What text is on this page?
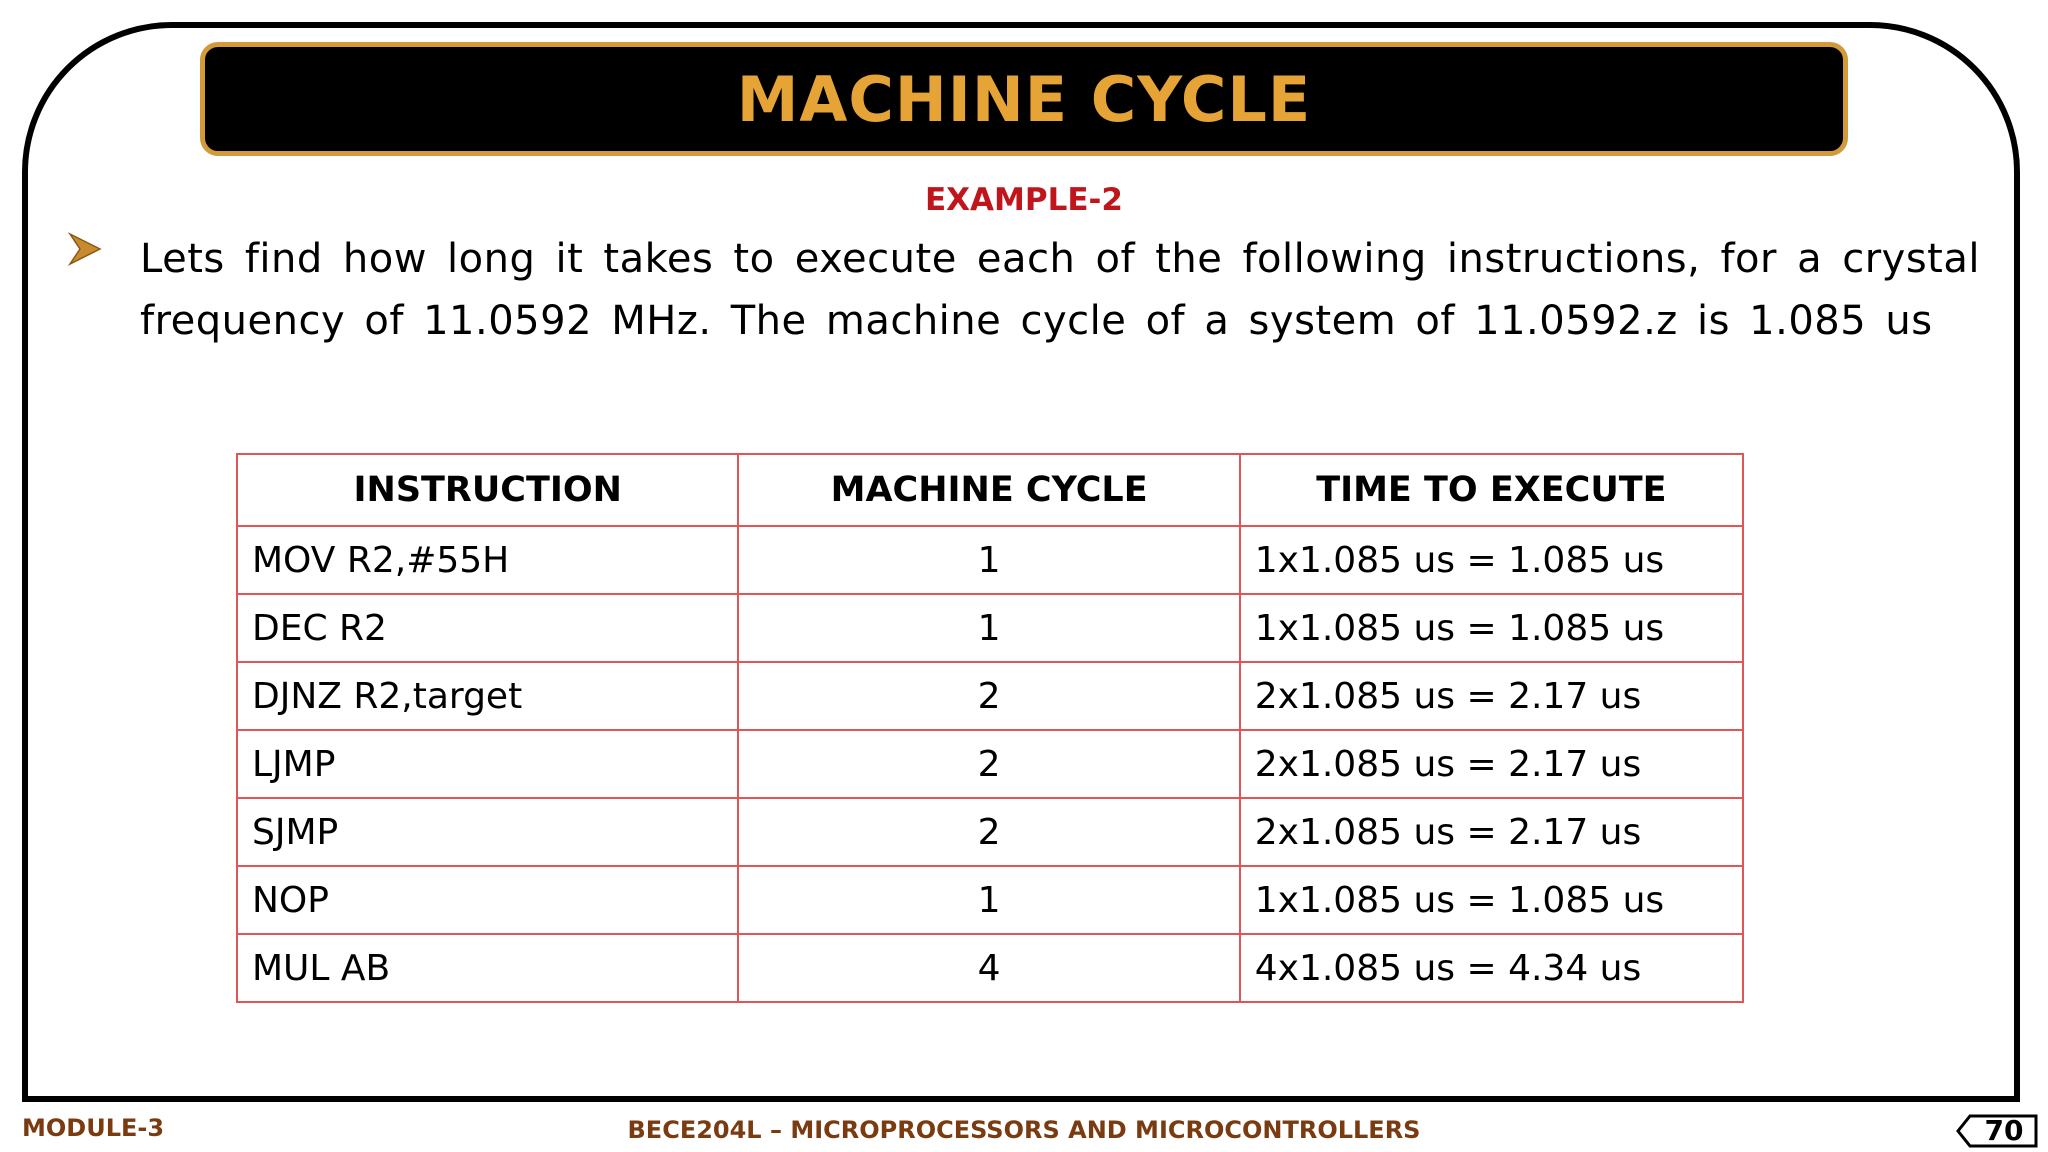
MACHINE CYCLE
EXAMPLE-2
Lets find how long it takes to execute each of the following instructions, for a crystal frequency of 11.0592 MHz. The machine cycle of a system of 11.0592.z is 1.085 us
INSTRUCTION	MACHINE CYCLE	TIME TO EXECUTE
MOV R2,#55H	1	1x1.085 us = 1.085 us
DEC R2	1	1x1.085 us = 1.085 us
DJNZ R2,target	2	2x1.085 us = 2.17 us
LJMP	2	2x1.085 us = 2.17 us
SJMP	2	2x1.085 us = 2.17 us
NOP	1	1x1.085 us = 1.085 us
MUL AB	4	4x1.085 us = 4.34 us
MODULE-3	BECE204L – MICROPROCESSORS AND MICROCONTROLLERS	70
